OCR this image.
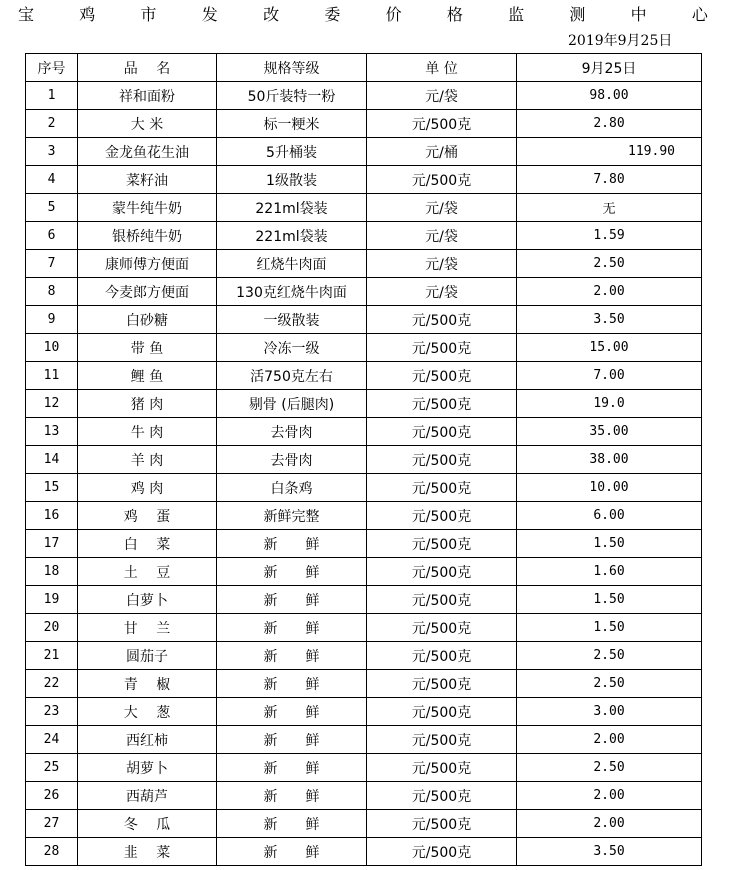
宝	鸡	市	发	改	委	价	格	监	测	中	心
2019年9月25日
序号	品　 名	规格等级	单 位	9月25日
1	祥和面粉	50斤装特一粉	元/袋	98.00
2	大 米	标一粳米	元/500克	2.80
3	金龙鱼花生油	5升桶装	元/桶	119.90
4	菜籽油	1级散装	元/500克	7.80
5	蒙牛纯牛奶	221ml袋装	元/袋	无
6	银桥纯牛奶	221ml袋装	元/袋	1.59
7	康师傅方便面	红烧牛肉面	元/袋	2.50
8	今麦郎方便面	130克红烧牛肉面	元/袋	2.00
9	白砂糖	一级散装	元/500克	3.50
10	带 鱼	冷冻一级	元/500克	15.00
11	鲤 鱼	活750克左右	元/500克	7.00
12	猪 肉	剔骨 (后腿肉)	元/500克	19.0
13	牛 肉	去骨肉	元/500克	35.00
14	羊 肉	去骨肉	元/500克	38.00
15	鸡 肉	白条鸡	元/500克	10.00
16	鸡　 蛋	新鲜完整	元/500克	6.00
17	白　 菜	新　　鲜	元/500克	1.50
18	土　 豆	新　　鲜	元/500克	1.60
19	白萝卜	新　　鲜	元/500克	1.50
20	甘　 兰	新　　鲜	元/500克	1.50
21	圆茄子	新　　鲜	元/500克	2.50
22	青　 椒	新　　鲜	元/500克	2.50
23	大　 葱	新　　鲜	元/500克	3.00
24	西红柿	新　　鲜	元/500克	2.00
25	胡萝卜	新　　鲜	元/500克	2.50
26	西葫芦	新　　鲜	元/500克	2.00
27	冬　 瓜	新　　鲜	元/500克	2.00
28	韭　 菜	新　　鲜	元/500克	3.50
